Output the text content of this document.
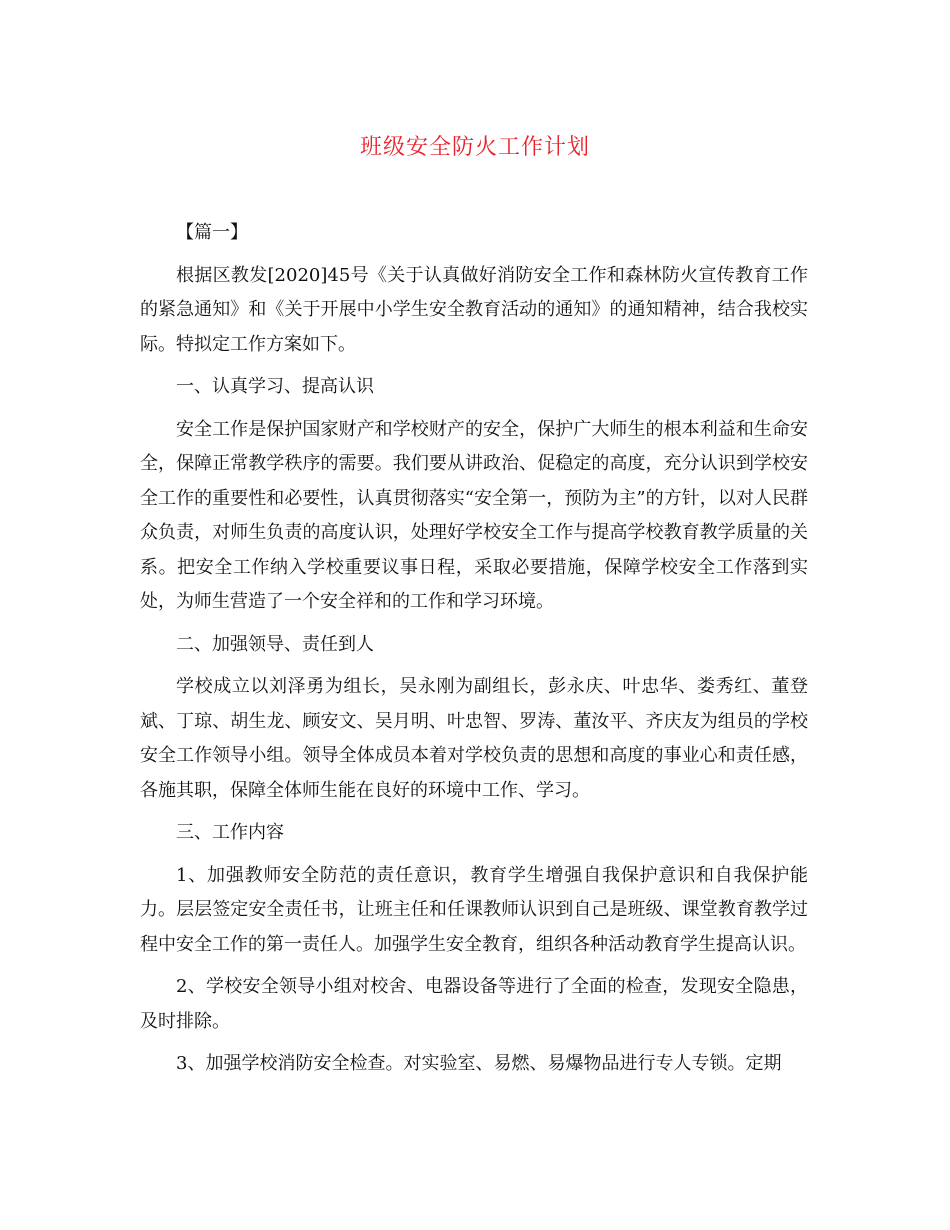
班级安全防火工作计划

【篇一】

根据区教发[2020]45号《关于认真做好消防安全工作和森林防火宣传教育工作的紧急通知》和《关于开展中小学生安全教育活动的通知》的通知精神，结合我校实际。特拟定工作方案如下。

一、认真学习、提高认识

安全工作是保护国家财产和学校财产的安全，保护广大师生的根本利益和生命安全，保障正常教学秩序的需要。我们要从讲政治、促稳定的高度，充分认识到学校安全工作的重要性和必要性，认真贯彻落实“安全第一，预防为主”的方针，以对人民群众负责，对师生负责的高度认识，处理好学校安全工作与提高学校教育教学质量的关系。把安全工作纳入学校重要议事日程，采取必要措施，保障学校安全工作落到实处，为师生营造了一个安全祥和的工作和学习环境。

二、加强领导、责任到人

学校成立以刘泽勇为组长，吴永刚为副组长，彭永庆、叶忠华、娄秀红、董登斌、丁琼、胡生龙、顾安文、吴月明、叶忠智、罗涛、董汝平、齐庆友为组员的学校安全工作领导小组。领导全体成员本着对学校负责的思想和高度的事业心和责任感，各施其职，保障全体师生能在良好的环境中工作、学习。

三、工作内容

1、加强教师安全防范的责任意识，教育学生增强自我保护意识和自我保护能力。层层签定安全责任书，让班主任和任课教师认识到自己是班级、课堂教育教学过程中安全工作的第一责任人。加强学生安全教育，组织各种活动教育学生提高认识。

2、学校安全领导小组对校舍、电器设备等进行了全面的检查，发现安全隐患，及时排除。

3、加强学校消防安全检查。对实验室、易燃、易爆物品进行专人专锁。定期
